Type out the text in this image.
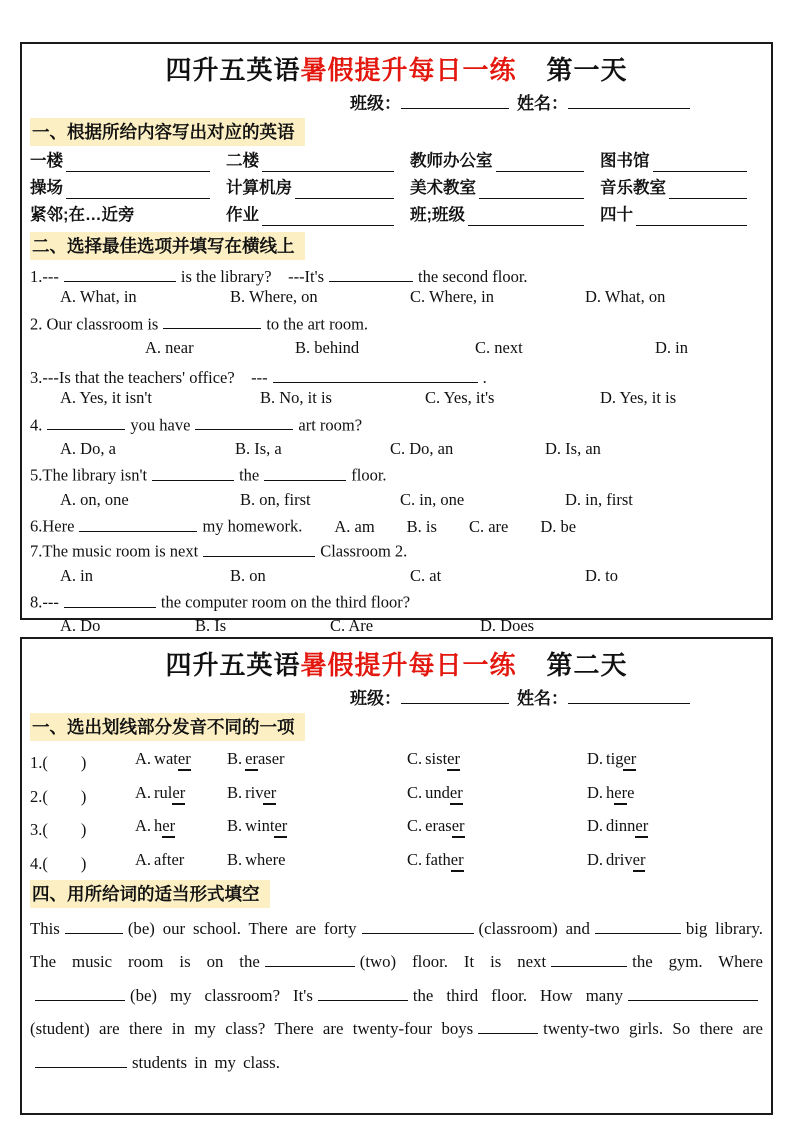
四升五英语暑假提升每日一练 第一天
班级：	姓名：
一、根据所给内容写出对应的英语
一楼	二楼	教师办公室	图书馆
操场	计算机房	美术教室	音乐教室
紧邻;在…近旁	作业	班;班级	四十
二、选择最佳选项并填写在横线上
1.---	is the library?　---It's	the second floor.
A. What, in	B. Where, on	C. Where, in	D. What, on
2. Our classroom is	to the art room.
A. near	B. behind	C. next	D. in
3.---Is that the teachers' office?　---	.
A. Yes, it isn't	B. No, it is	C. Yes, it's	D. Yes, it is
4.	you have	art room?
A. Do, a	B. Is, a	C. Do, an	D. Is, an
5.The library isn't	the	floor.
A. on, one	B. on, first	C. in, one	D. in, first
6.Here	my homework. A. am B. is C. are D. be
7.The music room is next	Classroom 2.
A. in	B. on	C. at	D. to
8.---	the computer room on the third floor?
A. Do	B. Is	C. Are	D. Does
四升五英语暑假提升每日一练 第二天
班级：	姓名：
一、选出划线部分发音不同的一项
1.(　　)	A. water	B. eraser	C. sister	D. tiger
2.(　　)	A. ruler	B. river	C. under	D. here
3.(　　)	A. her	B. winter	C. eraser	D. dinner
4.(　　)	A. after	B. where	C. father	D. driver
四、用所给词的适当形式填空
This	(be) our school. There are forty	(classroom) and	big library. The music room is on the	(two) floor. It is next	the gym. Where(be) my classroom? It's	the third floor. How many(student) are there in my class? There are twenty-four boys	twenty-two girls. So there arestudents in my class.
